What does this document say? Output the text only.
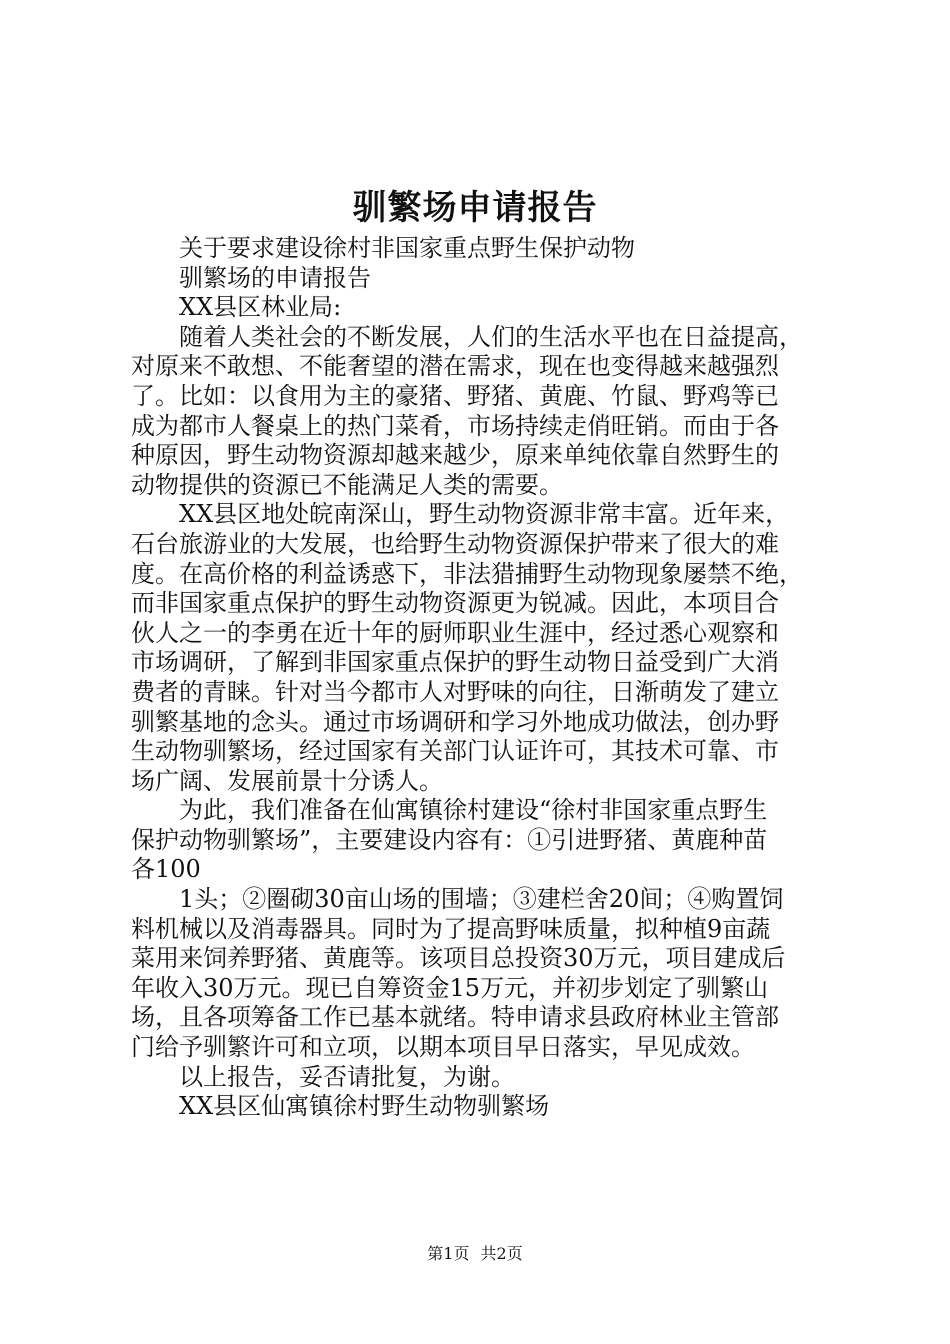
驯繁场申请报告
关于要求建设徐村非国家重点野生保护动物
驯繁场的申请报告
XX县区林业局:
随着人类社会的不断发展，人们的生活水平也在日益提高，
对原来不敢想、不能奢望的潜在需求，现在也变得越来越强烈
了。比如：以食用为主的豪猪、野猪、黄鹿、竹鼠、野鸡等已
成为都市人餐桌上的热门菜肴，市场持续走俏旺销。而由于各
种原因，野生动物资源却越来越少，原来单纯依靠自然野生的
动物提供的资源已不能满足人类的需要。
XX县区地处皖南深山，野生动物资源非常丰富。近年来，
石台旅游业的大发展，也给野生动物资源保护带来了很大的难
度。在高价格的利益诱惑下，非法猎捕野生动物现象屡禁不绝，
而非国家重点保护的野生动物资源更为锐减。因此，本项目合
伙人之一的李勇在近十年的厨师职业生涯中，经过悉心观察和
市场调研，了解到非国家重点保护的野生动物日益受到广大消
费者的青睐。针对当今都市人对野味的向往，日渐萌发了建立
驯繁基地的念头。通过市场调研和学习外地成功做法，创办野
生动物驯繁场，经过国家有关部门认证许可，其技术可靠、市
场广阔、发展前景十分诱人。
为此，我们准备在仙寓镇徐村建设“徐村非国家重点野生
保护动物驯繁场”，主要建设内容有：①引进野猪、黄鹿种苗
各100
1头；②圈砌30亩山场的围墙；③建栏舍20间；④购置饲
料机械以及消毒器具。同时为了提高野味质量，拟种植9亩蔬
菜用来饲养野猪、黄鹿等。该项目总投资30万元，项目建成后
年收入30万元。现已自筹资金15万元，并初步划定了驯繁山
场，且各项筹备工作已基本就绪。特申请求县政府林业主管部
门给予驯繁许可和立项，以期本项目早日落实，早见成效。
以上报告，妥否请批复，为谢。
XX县区仙寓镇徐村野生动物驯繁场
第1页 共2页
